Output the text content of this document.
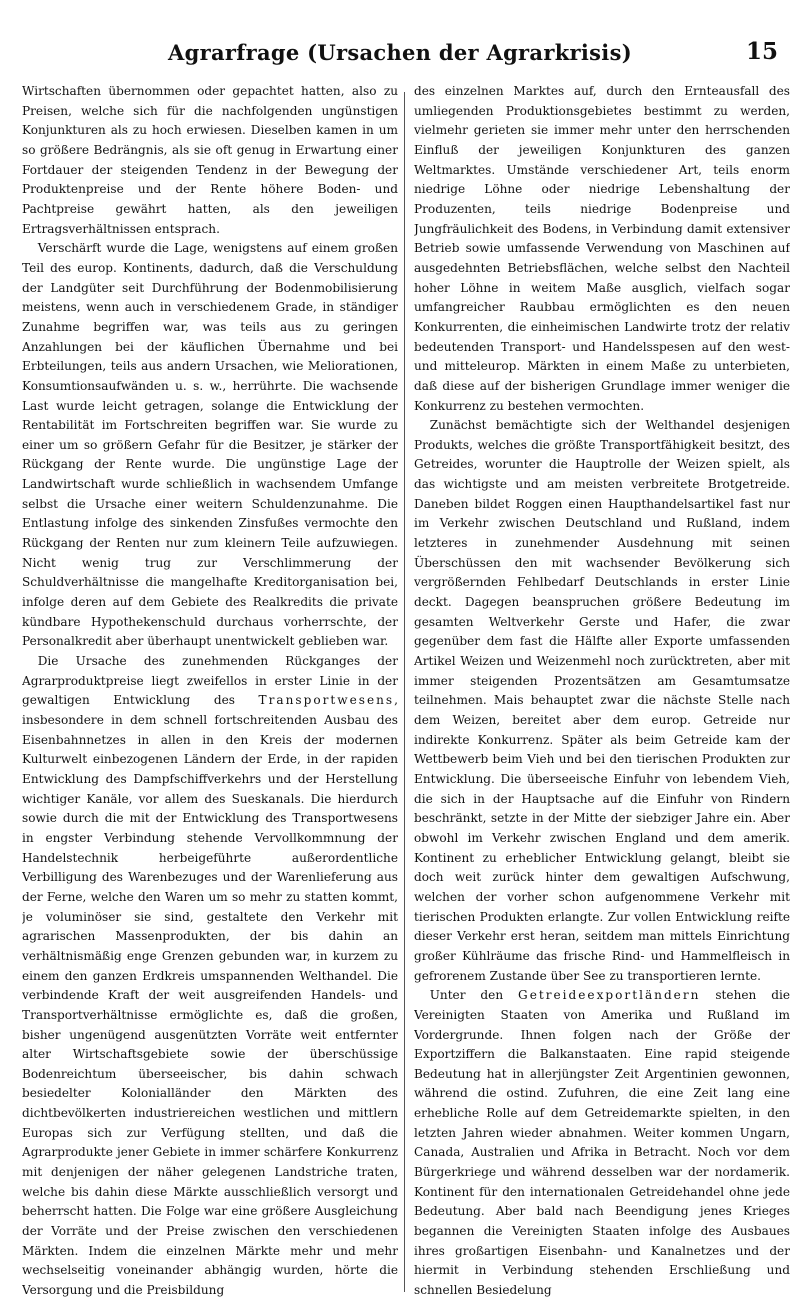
Agrarfrage (Ursachen der Agrarkrisis)	15

Wirtschaften übernommen oder gepachtet hatten, also zu Preisen, welche sich für die nachfolgenden ungünstigen Konjunkturen als zu hoch erwiesen. Dieselben kamen in um so größere Bedrängnis, als sie oft genug in Erwartung einer Fortdauer der steigenden Tendenz in der Bewegung der Produktenpreise und der Rente höhere Boden- und Pachtpreise gewährt hatten, als den jeweiligen Ertragsverhältnissen entsprach.

Verschärft wurde die Lage, wenigstens auf einem großen Teil des europ. Kontinents, dadurch, daß die Verschuldung der Landgüter seit Durchführung der Bodenmobilisierung meistens, wenn auch in verschiedenem Grade, in ständiger Zunahme begriffen war, was teils aus zu geringen Anzahlungen bei der käuflichen Übernahme und bei Erbteilungen, teils aus andern Ursachen, wie Meliorationen, Konsumtionsaufwänden u. s. w., herrührte. Die wachsende Last wurde leicht getragen, solange die Entwicklung der Rentabilität im Fortschreiten begriffen war. Sie wurde zu einer um so größern Gefahr für die Besitzer, je stärker der Rückgang der Rente wurde. Die ungünstige Lage der Landwirtschaft wurde schließlich in wachsendem Umfange selbst die Ursache einer weitern Schuldenzunahme. Die Entlastung infolge des sinkenden Zinsfußes vermochte den Rückgang der Renten nur zum kleinern Teile aufzuwiegen. Nicht wenig trug zur Verschlimmerung der Schuldverhältnisse die mangelhafte Kreditorganisation bei, infolge deren auf dem Gebiete des Realkredits die private kündbare Hypothekenschuld durchaus vorherrschte, der Personalkredit aber überhaupt unentwickelt geblieben war.

Die Ursache des zunehmenden Rückganges der Agrarproduktpreise liegt zweifellos in erster Linie in der gewaltigen Entwicklung des Transportwesens, insbesondere in dem schnell fortschreitenden Ausbau des Eisenbahnnetzes in allen in den Kreis der modernen Kulturwelt einbezogenen Ländern der Erde, in der rapiden Entwicklung des Dampfschiffverkehrs und der Herstellung wichtiger Kanäle, vor allem des Sueskanals. Die hierdurch sowie durch die mit der Entwicklung des Transportwesens in engster Verbindung stehende Vervollkommnung der Handelstechnik herbeigeführte außerordentliche Verbilligung des Warenbezuges und der Warenlieferung aus der Ferne, welche den Waren um so mehr zu statten kommt, je voluminöser sie sind, gestaltete den Verkehr mit agrarischen Massenprodukten, der bis dahin an verhältnismäßig enge Grenzen gebunden war, in kurzem zu einem den ganzen Erdkreis umspannenden Welthandel. Die verbindende Kraft der weit ausgreifenden Handels- und Transportverhältnisse ermöglichte es, daß die großen, bisher ungenügend ausgenützten Vorräte weit entfernter alter Wirtschaftsgebiete sowie der überschüssige Bodenreichtum überseeischer, bis dahin schwach besiedelter Kolonialländer den Märkten des dichtbevölkerten industriereichen westlichen und mittlern Europas sich zur Verfügung stellten, und daß die Agrarprodukte jener Gebiete in immer schärfere Konkurrenz mit denjenigen der näher gelegenen Landstriche traten, welche bis dahin diese Märkte ausschließlich versorgt und beherrscht hatten. Die Folge war eine größere Ausgleichung der Vorräte und der Preise zwischen den verschiedenen Märkten. Indem die einzelnen Märkte mehr und mehr wechselseitig voneinander abhängig wurden, hörte die Versorgung und die Preisbildung

des einzelnen Marktes auf, durch den Ernteausfall des umliegenden Produktionsgebietes bestimmt zu werden, vielmehr gerieten sie immer mehr unter den herrschenden Einfluß der jeweiligen Konjunkturen des ganzen Weltmarktes. Umstände verschiedener Art, teils enorm niedrige Löhne oder niedrige Lebenshaltung der Produzenten, teils niedrige Bodenpreise und Jungfräulichkeit des Bodens, in Verbindung damit extensiver Betrieb sowie umfassende Verwendung von Maschinen auf ausgedehnten Betriebsflächen, welche selbst den Nachteil hoher Löhne in weitem Maße ausglich, vielfach sogar umfangreicher Raubbau ermöglichten es den neuen Konkurrenten, die einheimischen Landwirte trotz der relativ bedeutenden Transport- und Handelsspesen auf den west- und mitteleurop. Märkten in einem Maße zu unterbieten, daß diese auf der bisherigen Grundlage immer weniger die Konkurrenz zu bestehen vermochten.

Zunächst bemächtigte sich der Welthandel desjenigen Produkts, welches die größte Transportfähigkeit besitzt, des Getreides, worunter die Hauptrolle der Weizen spielt, als das wichtigste und am meisten verbreitete Brotgetreide. Daneben bildet Roggen einen Haupthandelsartikel fast nur im Verkehr zwischen Deutschland und Rußland, indem letzteres in zunehmender Ausdehnung mit seinen Überschüssen den mit wachsender Bevölkerung sich vergrößernden Fehlbedarf Deutschlands in erster Linie deckt. Dagegen beanspruchen größere Bedeutung im gesamten Weltverkehr Gerste und Hafer, die zwar gegenüber dem fast die Hälfte aller Exporte umfassenden Artikel Weizen und Weizenmehl noch zurücktreten, aber mit immer steigenden Prozentsätzen am Gesamtumsatze teilnehmen. Mais behauptet zwar die nächste Stelle nach dem Weizen, bereitet aber dem europ. Getreide nur indirekte Konkurrenz. Später als beim Getreide kam der Wettbewerb beim Vieh und bei den tierischen Produkten zur Entwicklung. Die überseeische Einfuhr von lebendem Vieh, die sich in der Hauptsache auf die Einfuhr von Rindern beschränkt, setzte in der Mitte der siebziger Jahre ein. Aber obwohl im Verkehr zwischen England und dem amerik. Kontinent zu erheblicher Entwicklung gelangt, bleibt sie doch weit zurück hinter dem gewaltigen Aufschwung, welchen der vorher schon aufgenommene Verkehr mit tierischen Produkten erlangte. Zur vollen Entwicklung reifte dieser Verkehr erst heran, seitdem man mittels Einrichtung großer Kühlräume das frische Rind- und Hammelfleisch in gefrorenem Zustande über See zu transportieren lernte.

Unter den Getreideexportländern stehen die Vereinigten Staaten von Amerika und Rußland im Vordergrunde. Ihnen folgen nach der Größe der Exportziffern die Balkanstaaten. Eine rapid steigende Bedeutung hat in allerjüngster Zeit Argentinien gewonnen, während die ostind. Zufuhren, die eine Zeit lang eine erhebliche Rolle auf dem Getreidemarkte spielten, in den letzten Jahren wieder abnahmen. Weiter kommen Ungarn, Canada, Australien und Afrika in Betracht. Noch vor dem Bürgerkriege und während desselben war der nordamerik. Kontinent für den internationalen Getreidehandel ohne jede Bedeutung. Aber bald nach Beendigung jenes Krieges begannen die Vereinigten Staaten infolge des Ausbaues ihres großartigen Eisenbahn- und Kanalnetzes und der hiermit in Verbindung stehenden Erschließung und schnellen Besiedelung
